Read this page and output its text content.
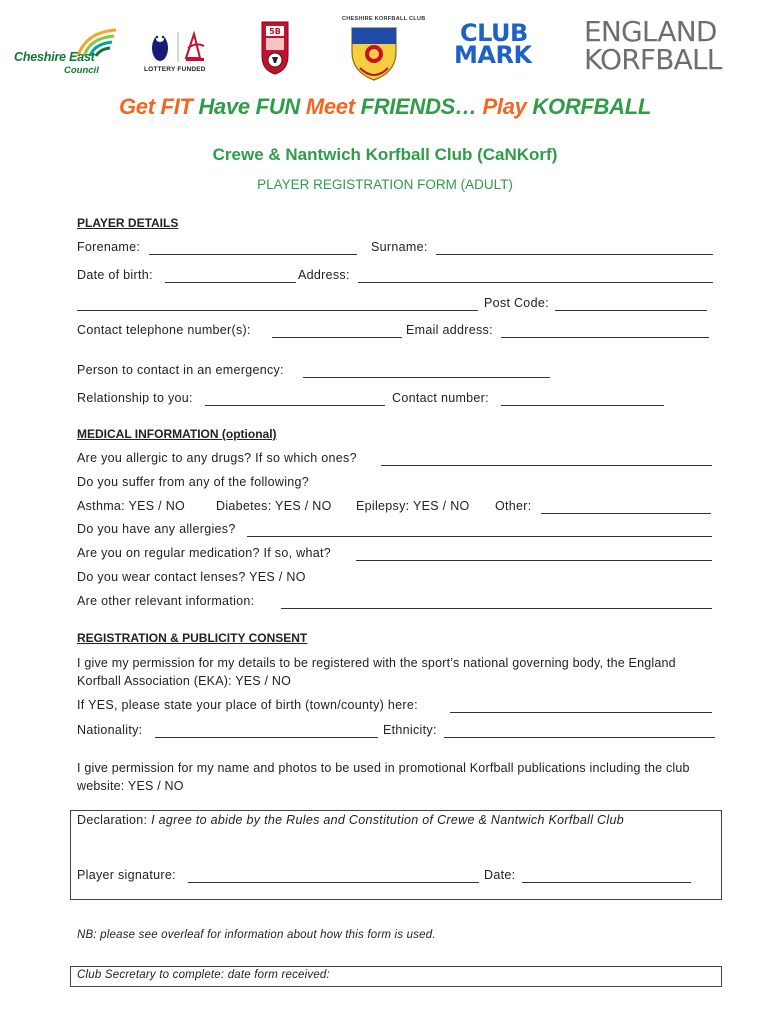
Cheshire East
Council	LOTTERY FUNDED
5B
CHESHIRE KORFBALL CLUB CLUB
MARK
ENGLAND
KORFBALL
Get FIT Have FUN Meet FRIENDS… Play KORFBALL
Crewe & Nantwich Korfball Club (CaNKorf)
PLAYER REGISTRATION FORM (ADULT)
PLAYER DETAILS
Forename:	Surname:
Date of birth:	Address:
Post Code:
Contact telephone number(s):	Email address:
Person to contact in an emergency:
Relationship to you:	Contact number:
MEDICAL INFORMATION (optional)
Are you allergic to any drugs? If so which ones?
Do you suffer from any of the following?
Asthma: YES / NO Diabetes: YES / NO Epilepsy: YES / NO Other:
Do you have any allergies?
Are you on regular medication? If so, what?
Do you wear contact lenses? YES / NO
Are other relevant information:
REGISTRATION & PUBLICITY CONSENT
I give my permission for my details to be registered with the sport’s national governing body, the England Korfball Association (EKA): YES / NO
If YES, please state your place of birth (town/county) here:
Nationality:	Ethnicity:
I give permission for my name and photos to be used in promotional Korfball publications including the club website: YES / NO
Declaration: I agree to abide by the Rules and Constitution of Crewe & Nantwich Korfball Club
Player signature:	Date:
NB: please see overleaf for information about how this form is used.
Club Secretary to complete: date form received:
